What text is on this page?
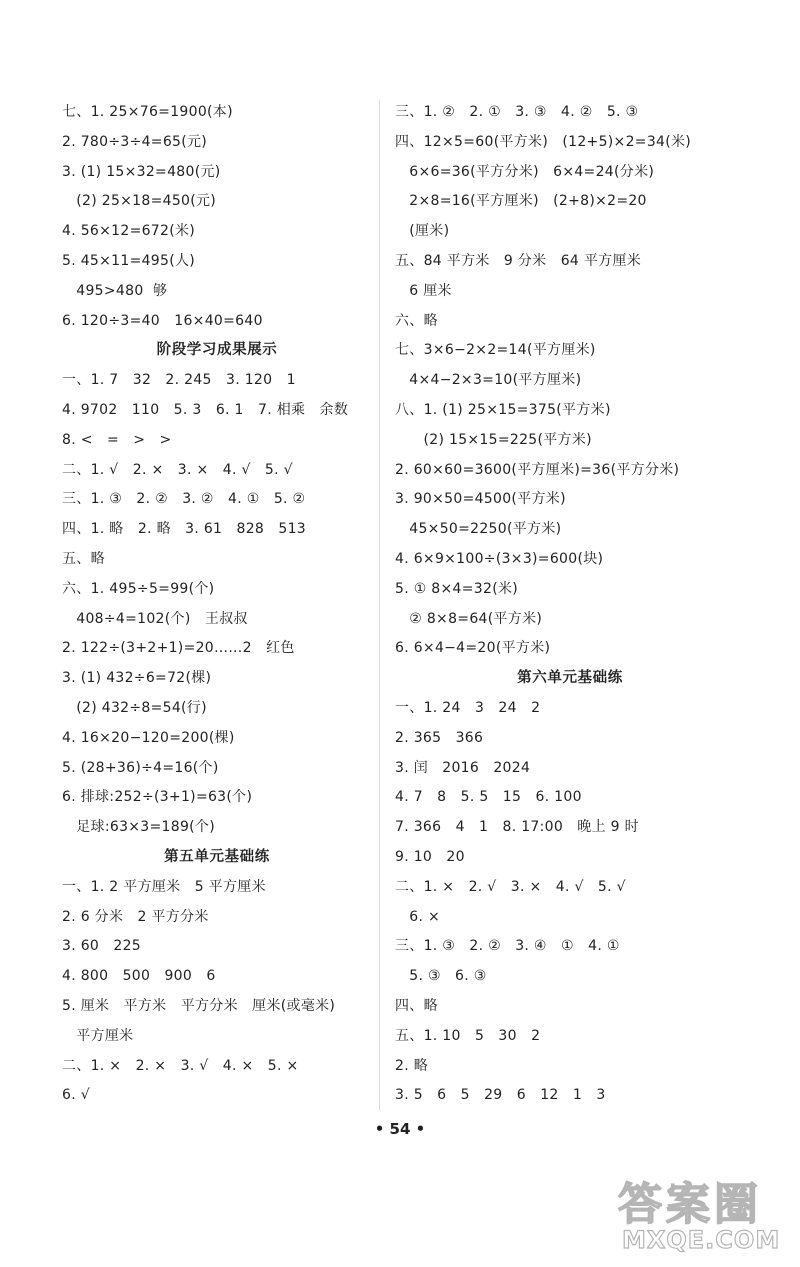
七、1. 25×76=1900(本)
2. 780÷3÷4=65(元)
3. (1) 15×32=480(元)
(2) 25×18=450(元)
4. 56×12=672(米)
5. 45×11=495(人)
495>480  够
6. 120÷3=40   16×40=640
阶段学习成果展示
一、1. 7   32   2. 245   3. 120   1
4. 9702   110   5. 3   6. 1   7. 相乘   余数
8. <   =   >   >
二、1. √   2. ×   3. ×   4. √   5. √
三、1. ③   2. ②   3. ②   4. ①   5. ②
四、1. 略   2. 略   3. 61   828   513
五、略
六、1. 495÷5=99(个)
408÷4=102(个)   王叔叔
2. 122÷(3+2+1)=20……2   红色
3. (1) 432÷6=72(棵)
(2) 432÷8=54(行)
4. 16×20−120=200(棵)
5. (28+36)÷4=16(个)
6. 排球:252÷(3+1)=63(个)
足球:63×3=189(个)
第五单元基础练
一、1. 2 平方厘米   5 平方厘米
2. 6 分米   2 平方分米
3. 60   225
4. 800   500   900   6
5. 厘米   平方米   平方分米   厘米(或毫米)
平方厘米
二、1. ×   2. ×   3. √   4. ×   5. ×
6. √
三、1. ②   2. ①   3. ③   4. ②   5. ③
四、12×5=60(平方米)   (12+5)×2=34(米)
6×6=36(平方分米)   6×4=24(分米)
2×8=16(平方厘米)   (2+8)×2=20
(厘米)
五、84 平方米   9 分米   64 平方厘米
6 厘米
六、略
七、3×6−2×2=14(平方厘米)
4×4−2×3=10(平方厘米)
八、1. (1) 25×15=375(平方米)
(2) 15×15=225(平方米)
2. 60×60=3600(平方厘米)=36(平方分米)
3. 90×50=4500(平方米)
45×50=2250(平方米)
4. 6×9×100÷(3×3)=600(块)
5. ① 8×4=32(米)
② 8×8=64(平方米)
6. 6×4−4=20(平方米)
第六单元基础练
一、1. 24   3   24   2
2. 365   366
3. 闰   2016   2024
4. 7   8   5. 5   15   6. 100
7. 366   4   1   8. 17:00   晚上 9 时
9. 10   20
二、1. ×   2. √   3. ×   4. √   5. √
6. ×
三、1. ③   2. ②   3. ④   ①   4. ①
5. ③   6. ③
四、略
五、1. 10   5   30   2
2. 略
3. 5   6   5   29   6   12   1   3
• 54 •
答案圈
MXQE.COM
